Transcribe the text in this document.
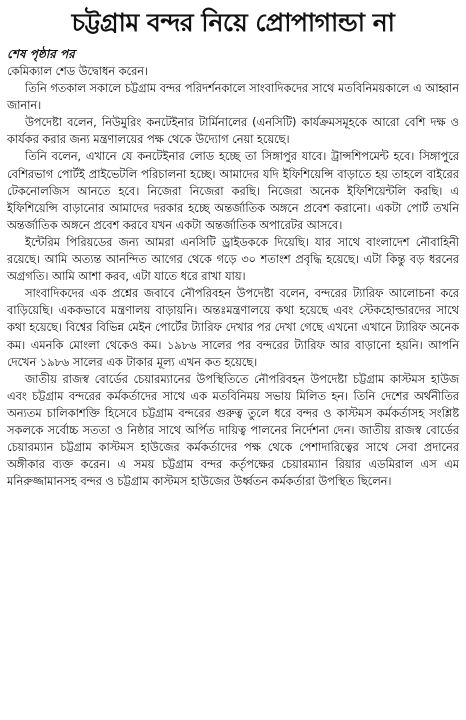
চট্টগ্রাম বন্দর নিয়ে প্রোপাগান্ডা না
শেষ পৃষ্ঠার পর

কেমিক্যাল শেড উদ্বোধন করেন।

তিনি গতকাল সকালে চট্টগ্রাম বন্দর পরিদর্শনকালে সাংবাদিকদের সাথে মতবিনিময়কালে এ আহ্বান জানান।

উপদেষ্টা বলেন, নিউমুরিং কনটেইনার টার্মিনালের (এনসিটি) কার্যক্রমসমূহকে আরো বেশি দক্ষ ও কার্যকর করার জন্য মন্ত্রণালয়ের পক্ষ থেকে উদ্যোগ নেয়া হয়েছে।

তিনি বলেন, এখানে যে কনটেইনার লোড হচ্ছে তা সিঙ্গাপুর যাবে। ট্রান্সশিপমেন্ট হবে। সিঙ্গাপুরে বেশিরভাগ পোর্টই প্রাইভেটলি পরিচালনা হচ্ছে। আমাদের যদি ইফিশিয়েন্সি বাড়াতে হয় তাহলে বাইরের টেকনোলজিস আনতে হবে। নিজেরা নিজেরা করছি। নিজেরা অনেক ইফিশিয়েন্টলি করছি। এ ইফিশিয়েন্সি বাড়ানোর আমাদের দরকার হচ্ছে অন্তর্জাতিক অঙ্গনে প্রবেশ করানো। একটা পোর্ট তখনি অন্তর্জাতিক অঙ্গনে প্রবেশ করবে যখন একটা অন্তর্জাতিক অপারেটর আসবে।

ইন্টেরিম পিরিয়ডের জন্য আমরা এনসিটি ড্রাইডককে দিয়েছি। যার সাথে বাংলাদেশ নৌবাহিনী রয়েছে। আমি অত্যন্ত আনন্দিত আগের থেকে গড়ে ৩০ শতাংশ প্রবৃদ্ধি হয়েছে। এটা কিন্তু বড় ধরনের অগ্রগতি। আমি আশা করব, এটা যাতে ধরে রাখা যায়।

সাংবাদিকদের এক প্রশ্নের জবাবে নৌপরিবহন উপদেষ্টা বলেন, বন্দরের ট্যারিফ আলোচনা করে বাড়িয়েছি। এককভাবে মন্ত্রণালয় বাড়ায়নি। অন্তঃমন্ত্রণালয়ে কথা হয়েছে এবং স্টেকহোল্ডারদের সাথে কথা হয়েছে। বিশ্বের বিভিন্ন মেইন পোর্টের ট্যারিফ দেখার পর দেখা গেছে এখনো এখানে ট্যারিফ অনেক কম। এমনকি মোংলা থেকেও কম। ১৯৮৬ সালের পর বন্দরের ট্যারিফ আর বাড়ানো হয়নি। আপনি দেখেন ১৯৮৬ সালের এক টাকার মূল্য এখন কত হয়েছে।

জাতীয় রাজস্ব বোর্ডের চেয়ারম্যানের উপস্থিতিতে নৌপরিবহন উপদেষ্টা চট্টগ্রাম কাস্টমস হাউজ এবং চট্টগ্রাম বন্দরের কর্মকর্তাদের সাথে এক মতবিনিময় সভায় মিলিত হন। তিনি দেশের অর্থনীতির অন্যতম চালিকাশক্তি হিসেবে চট্টগ্রাম বন্দরের গুরুত্ব তুলে ধরে বন্দর ও কাস্টমস কর্মকর্তাসহ সংশ্লিষ্ট সকলকে সর্বোচ্চ সততা ও নিষ্ঠার সাথে অর্পিত দায়িত্ব পালনের নির্দেশনা দেন। জাতীয় রাজস্ব বোর্ডের চেয়ারম্যান চট্টগ্রাম কাস্টমস হাউজের কর্মকর্তাদের পক্ষ থেকে পেশাদারিত্বের সাথে সেবা প্রদানের অঙ্গীকার ব্যক্ত করেন। এ সময় চট্টগ্রাম বন্দর কর্তৃপক্ষের চেয়ারম্যান রিয়ার এডমিরাল এস এম মনিরুজ্জামানসহ বন্দর ও চট্টগ্রাম কাস্টমস হাউজের উর্ধ্বতন কর্মকর্তারা উপস্থিত ছিলেন।
